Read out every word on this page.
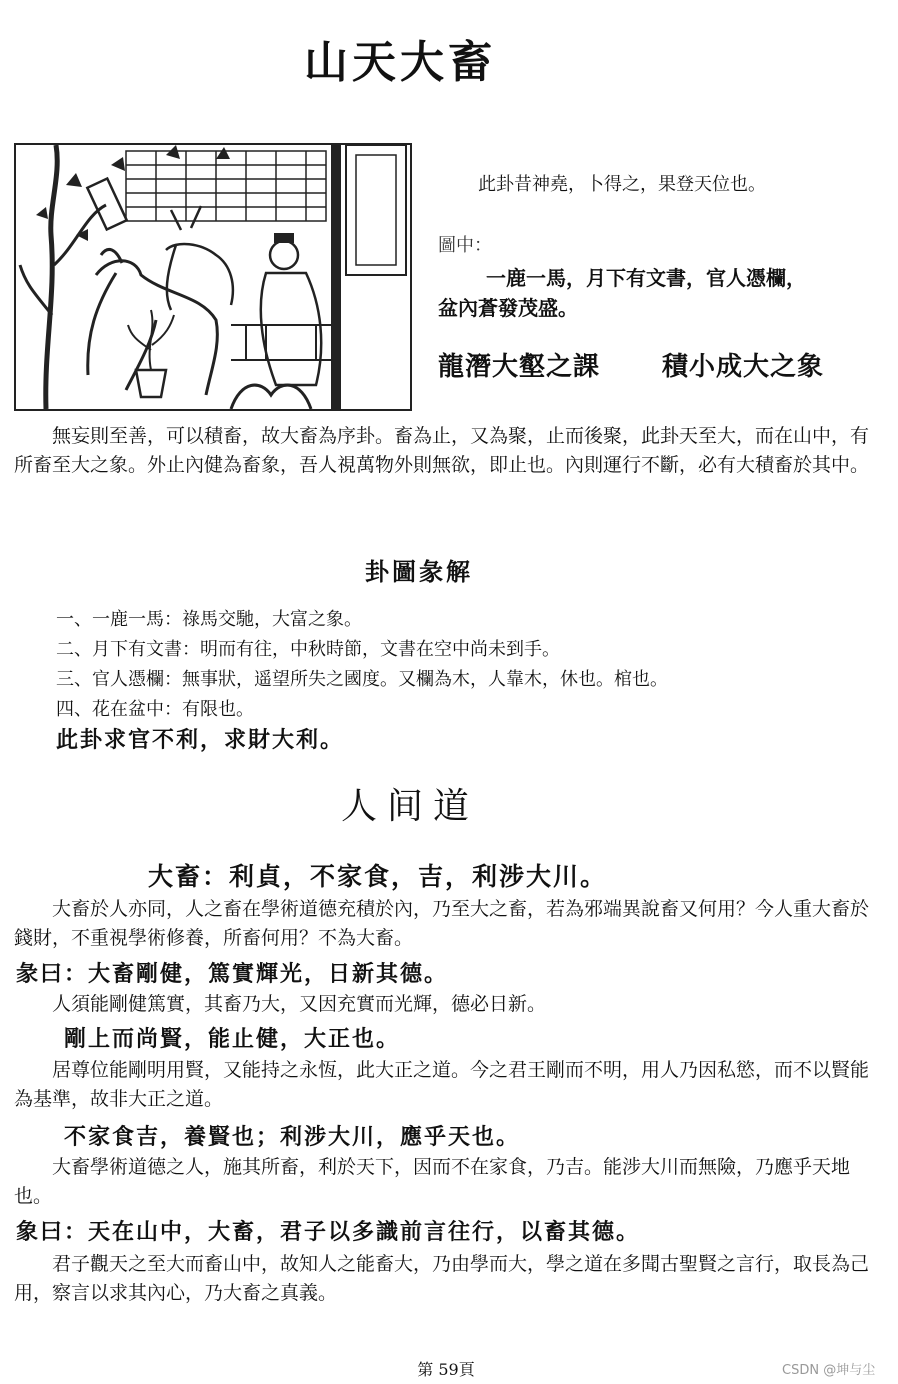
山天大畜
此卦昔神堯，卜得之，果登天位也。
圖中：
一鹿一馬，月下有文書，官人憑欄，
盆內蒼發茂盛。
龍潛大壑之課 積小成大之象
無妄則至善，可以積畜，故大畜為序卦。畜為止，又為聚，止而後聚，此卦天至大，而在山中，有所畜至大之象。外止內健為畜象，吾人視萬物外則無欲，即止也。內則運行不斷，必有大積畜於其中。
卦圖彖解
一、一鹿一馬：祿馬交馳，大富之象。
二、月下有文書：明而有往，中秋時節，文書在空中尚未到手。
三、官人憑欄：無事狀，遥望所失之國度。又欄為木，人靠木，休也。棺也。
四、花在盆中：有限也。
此卦求官不利，求財大利。
人间道
大畜：利貞，不家食，吉，利涉大川。
大畜於人亦同，人之畜在學術道德充積於內，乃至大之畜，若為邪端異說畜又何用？今人重大畜於錢財，不重視學術修養，所畜何用？不為大畜。
彖曰：大畜剛健，篤實輝光，日新其德。
人須能剛健篤實，其畜乃大，又因充實而光輝，德必日新。
剛上而尚賢，能止健，大正也。
居尊位能剛明用賢，又能持之永恆，此大正之道。今之君王剛而不明，用人乃因私慾，而不以賢能為基準，故非大正之道。
不家食吉，養賢也；利涉大川，應乎天也。
大畜學術道德之人，施其所畜，利於天下，因而不在家食，乃吉。能涉大川而無險，乃應乎天地也。
象曰：天在山中，大畜，君子以多識前言往行，以畜其德。
君子觀天之至大而畜山中，故知人之能畜大，乃由學而大，學之道在多聞古聖賢之言行，取長為己用，察言以求其內心，乃大畜之真義。
第 59頁	CSDN @坤与尘
